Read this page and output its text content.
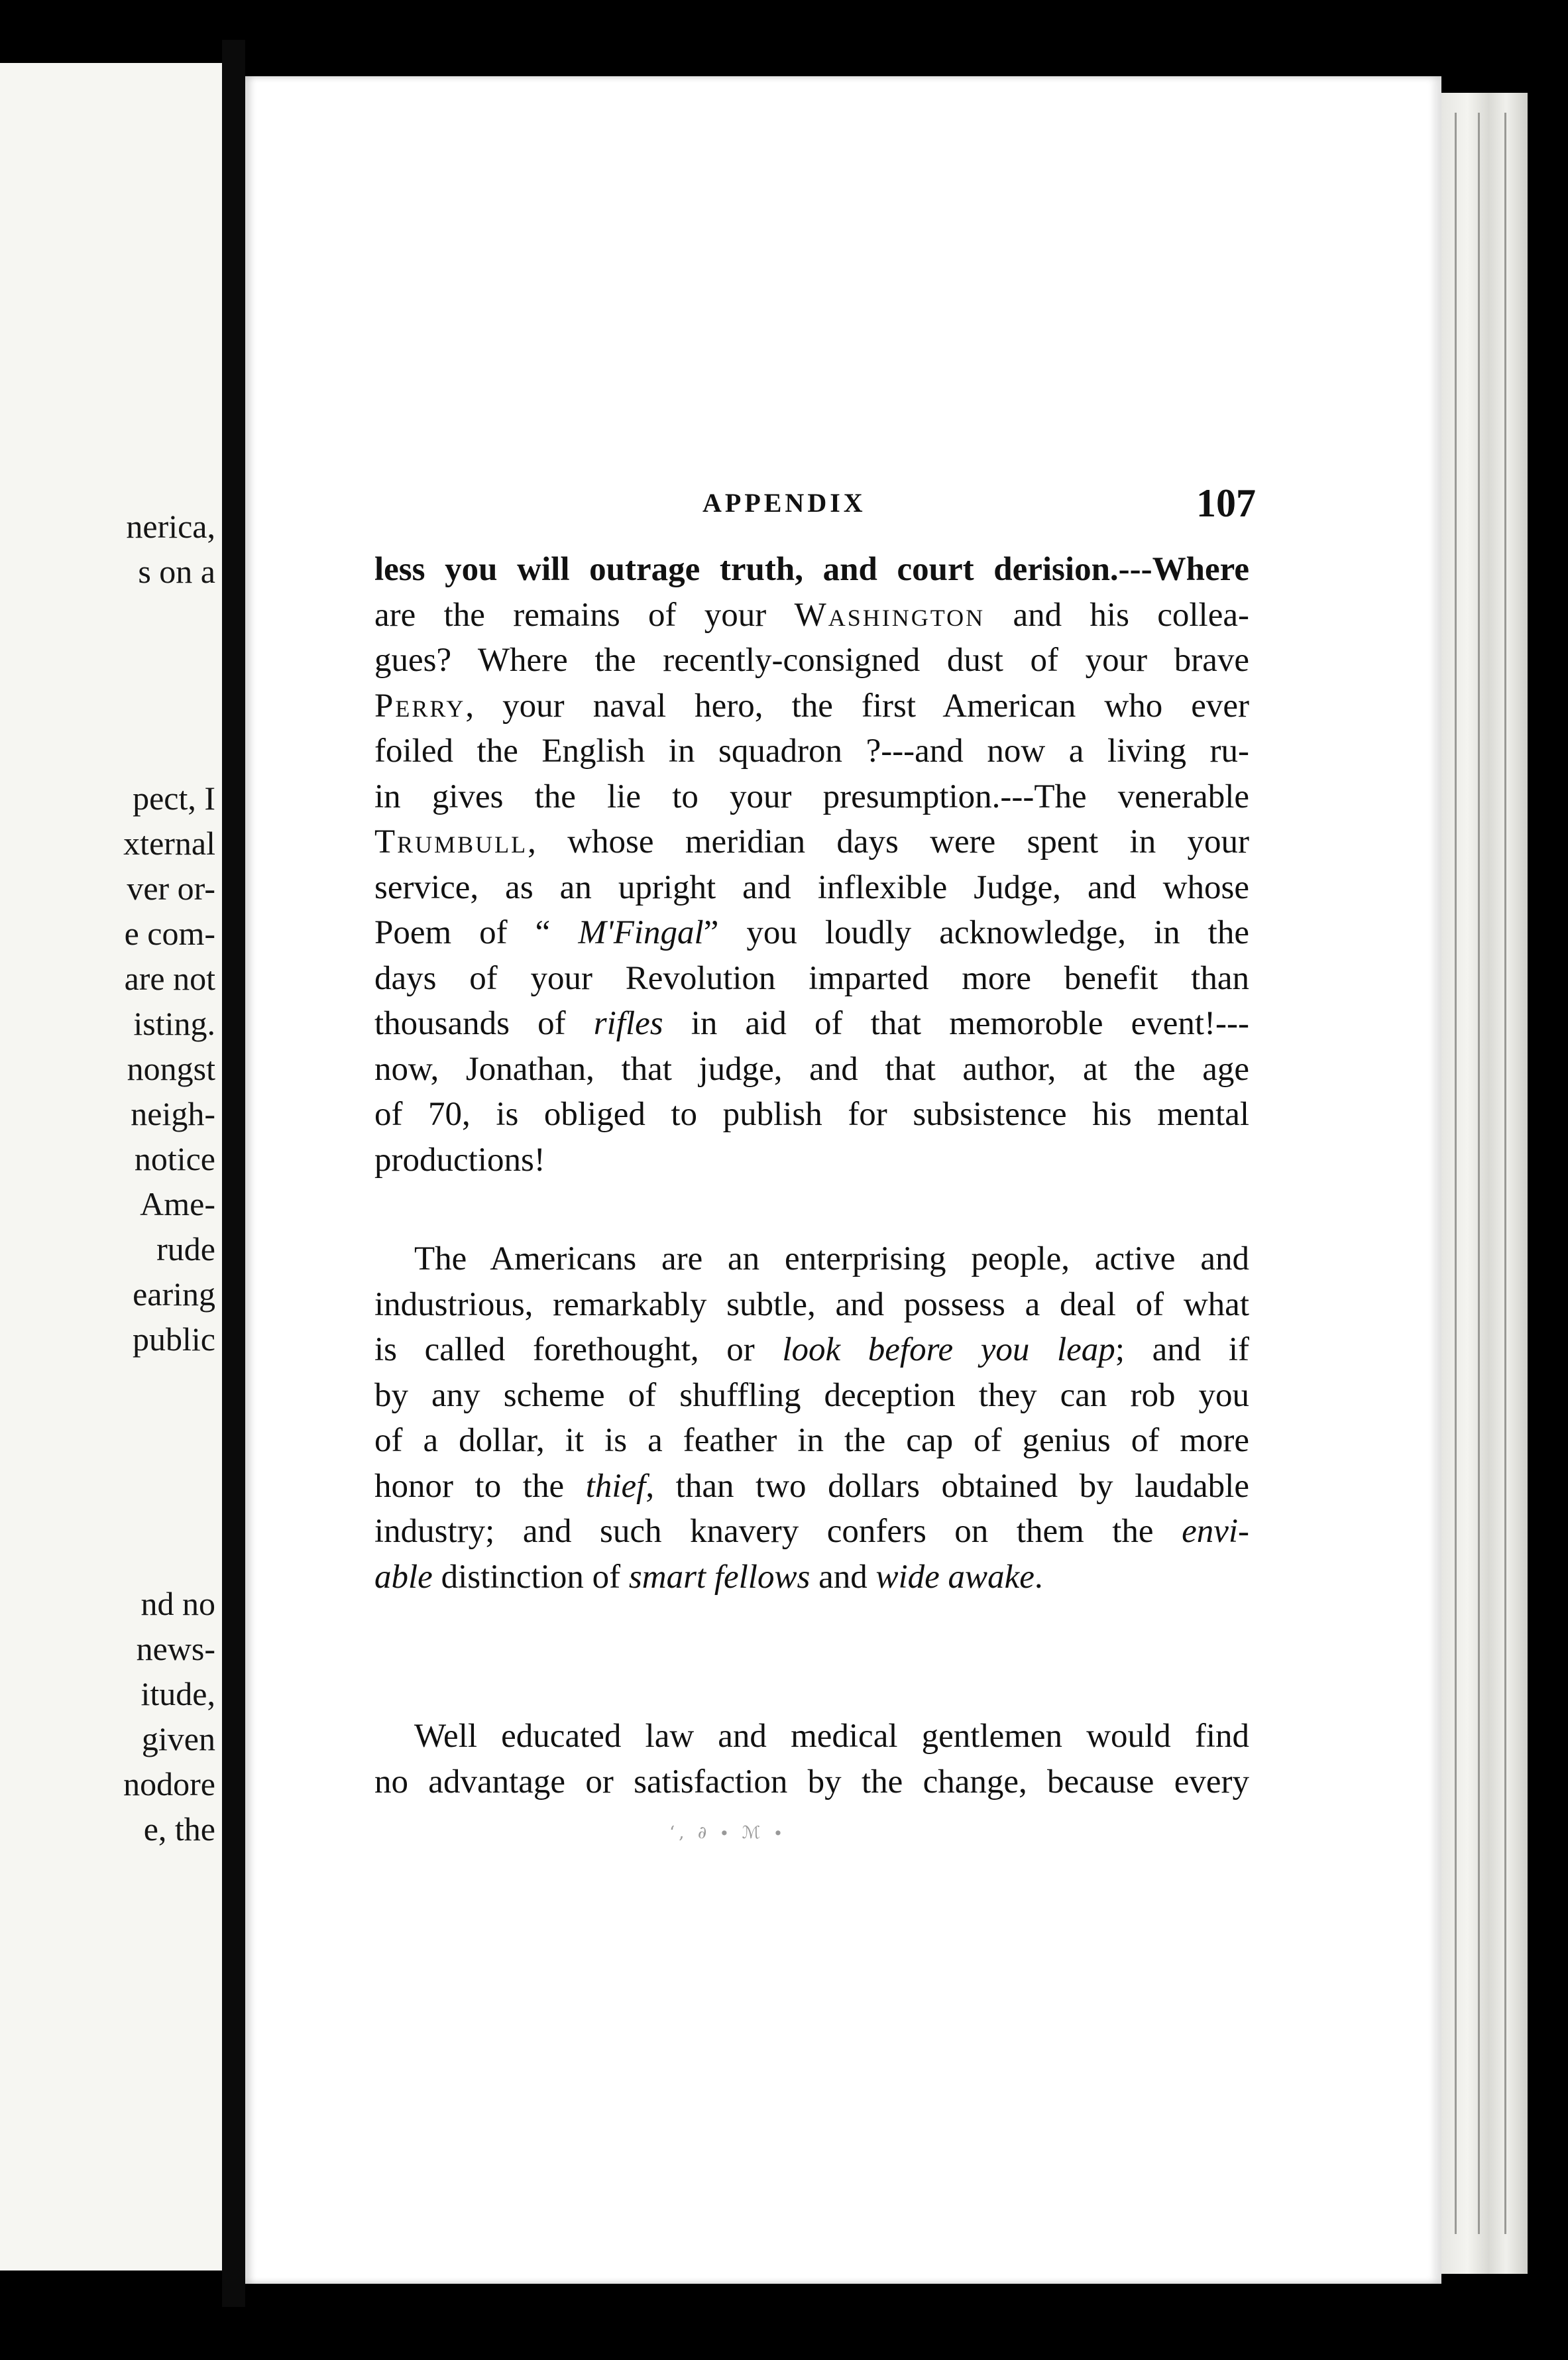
nerica,
s on a
pect, I
xternal
ver or-
e com-
are not
isting.
nongst
neigh-
notice
Ame-
rude
earing
public
nd no
news-
itude,
given
nodore
e, the
APPENDIX	107
less you will outrage truth, and court derision.---Where
are the remains of your Washington and his collea-
gues? Where the recently-consigned dust of your brave
Perry, your naval hero, the first American who ever
foiled the English in squadron ?---and now a living ru-
in gives the lie to your presumption.---The venerable
Trumbull, whose meridian days were spent in your
service, as an upright and inflexible Judge, and whose
Poem of “ M'Fingal” you loudly acknowledge, in the
days of your Revolution imparted more benefit than
thousands of rifles in aid of that memoroble event!---
now, Jonathan, that judge, and that author, at the age
of 70, is obliged to publish for subsistence his mental
productions!
The Americans are an enterprising people, active and
industrious, remarkably subtle, and possess a deal of what
is called forethought, or look before you leap; and if
by any scheme of shuffling deception they can rob you
of a dollar, it is a feather in the cap of genius of more
honor to the thief, than two dollars obtained by laudable
industry; and such knavery confers on them the envi-
able distinction of smart fellows and wide awake.
Well educated law and medical gentlemen would find
no advantage or satisfaction by the change, because every
ʻ, ∂ ∙ ℳ ∙
